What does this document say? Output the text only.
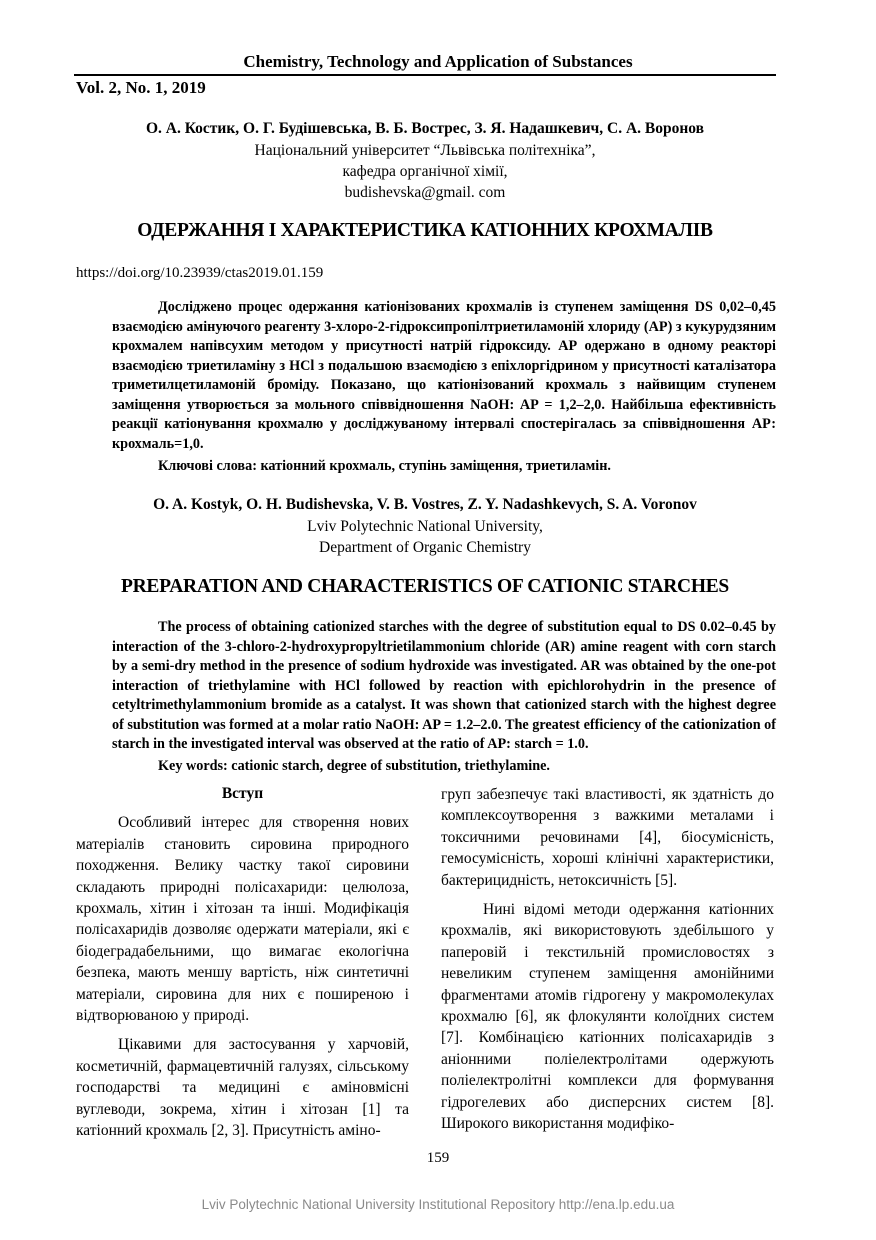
Chemistry, Technology and Application of Substances
Vol. 2, No. 1, 2019
О. А. Костик, О. Г. Будішевська, В. Б. Вострес, З. Я. Надашкевич, С. А. Воронов
Національний університет “Львівська політехніка”,
кафедра органічної хімії,
budishevska@gmail. com
ОДЕРЖАННЯ І ХАРАКТЕРИСТИКА КАТІОННИХ КРОХМАЛІВ
https://doi.org/10.23939/ctas2019.01.159

Досліджено процес одержання катіонізованих крохмалів із ступенем заміщення DS 0,02–0,45 взаємодією амінуючого реагенту 3-хлоро-2-гідроксипропілтриетиламоній хлориду (АР) з кукурудзяним крохмалем напівсухим методом у присутності натрій гідроксиду. АР одержано в одному реакторі взаємодією триетиламіну з HCl з подальшою взаємодією з епіхлоргідрином у присутності каталізатора триметилцетиламоній броміду. Показано, що катіонізований крохмаль з найвищим ступенем заміщення утворюється за мольного співвідношення NaOH: AP = 1,2–2,0. Найбільша ефективність реакції катіонування крохмалю у досліджуваному інтервалі спостерігалась за співвідношення АР: крохмаль=1,0.

Ключові слова: катіонний крохмаль, ступінь заміщення, триетиламін.
O. A. Kostyk, O. H. Budishevska, V. B. Vostres, Z. Y. Nadashkevych, S. A. Voronov
Lviv Polytechnic National University,
Department of Organic Chemistry
PREPARATION AND CHARACTERISTICS OF CATIONIC STARCHES

The process of obtaining cationized starches with the degree of substitution equal to DS 0.02–0.45 by interaction of the 3-chloro-2-hydroxypropyltrietilammonium chloride (AR) amine reagent with corn starch by a semi-dry method in the presence of sodium hydroxide was investigated. AR was obtained by the one-pot interaction of triethylamine with HCl followed by reaction with epichlorohydrin in the presence of cetyltrimethylammonium bromide as a catalyst. It was shown that cationized starch with the highest degree of substitution was formed at a molar ratio NaOH: AP = 1.2–2.0. The greatest efficiency of the cationization of starch in the investigated interval was observed at the ratio of AP: starch = 1.0.

Key words: cationic starch, degree of substitution, triethylamine.

Вступ

Особливий інтерес для створення нових матеріалів становить сировина природного походження. Велику частку такої сировини складають природні полісахариди: целюлоза, крохмаль, хітин і хітозан та інші. Модифікація полісахаридів дозволяє одержати матеріали, які є біодеградабельними, що вимагає екологічна безпека, мають меншу вартість, ніж синтетичні матеріали, сировина для них є поширеною і відтворюваною у природі.

Цікавими для застосування у харчовій, косметичній, фармацевтичній галузях, сільському господарстві та медицині є аміновмісні вуглеводи, зокрема, хітин і хітозан [1] та катіонний крохмаль [2, 3]. Присутність аміно-

груп забезпечує такі властивості, як здатність до комплексоутворення з важкими металами і токсичними речовинами [4], біосумісність, гемосумісність, хороші клінічні характеристики, бактерицидність, нетоксичність [5].

Нині відомі методи одержання катіонних крохмалів, які використовують здебільшого у паперовій і текстильній промисловостях з невеликим ступенем заміщення амонійними фрагментами атомів гідрогену у макромолекулах крохмалю [6], як флокулянти колоїдних систем [7]. Комбінацією катіонних полісахаридів з аніонними поліелектролітами одержують поліелектролітні комплекси для формування гідрогелевих або дисперсних систем [8]. Широкого використання модифіко-

159
Lviv Polytechnic National University Institutional Repository http://ena.lp.edu.ua
